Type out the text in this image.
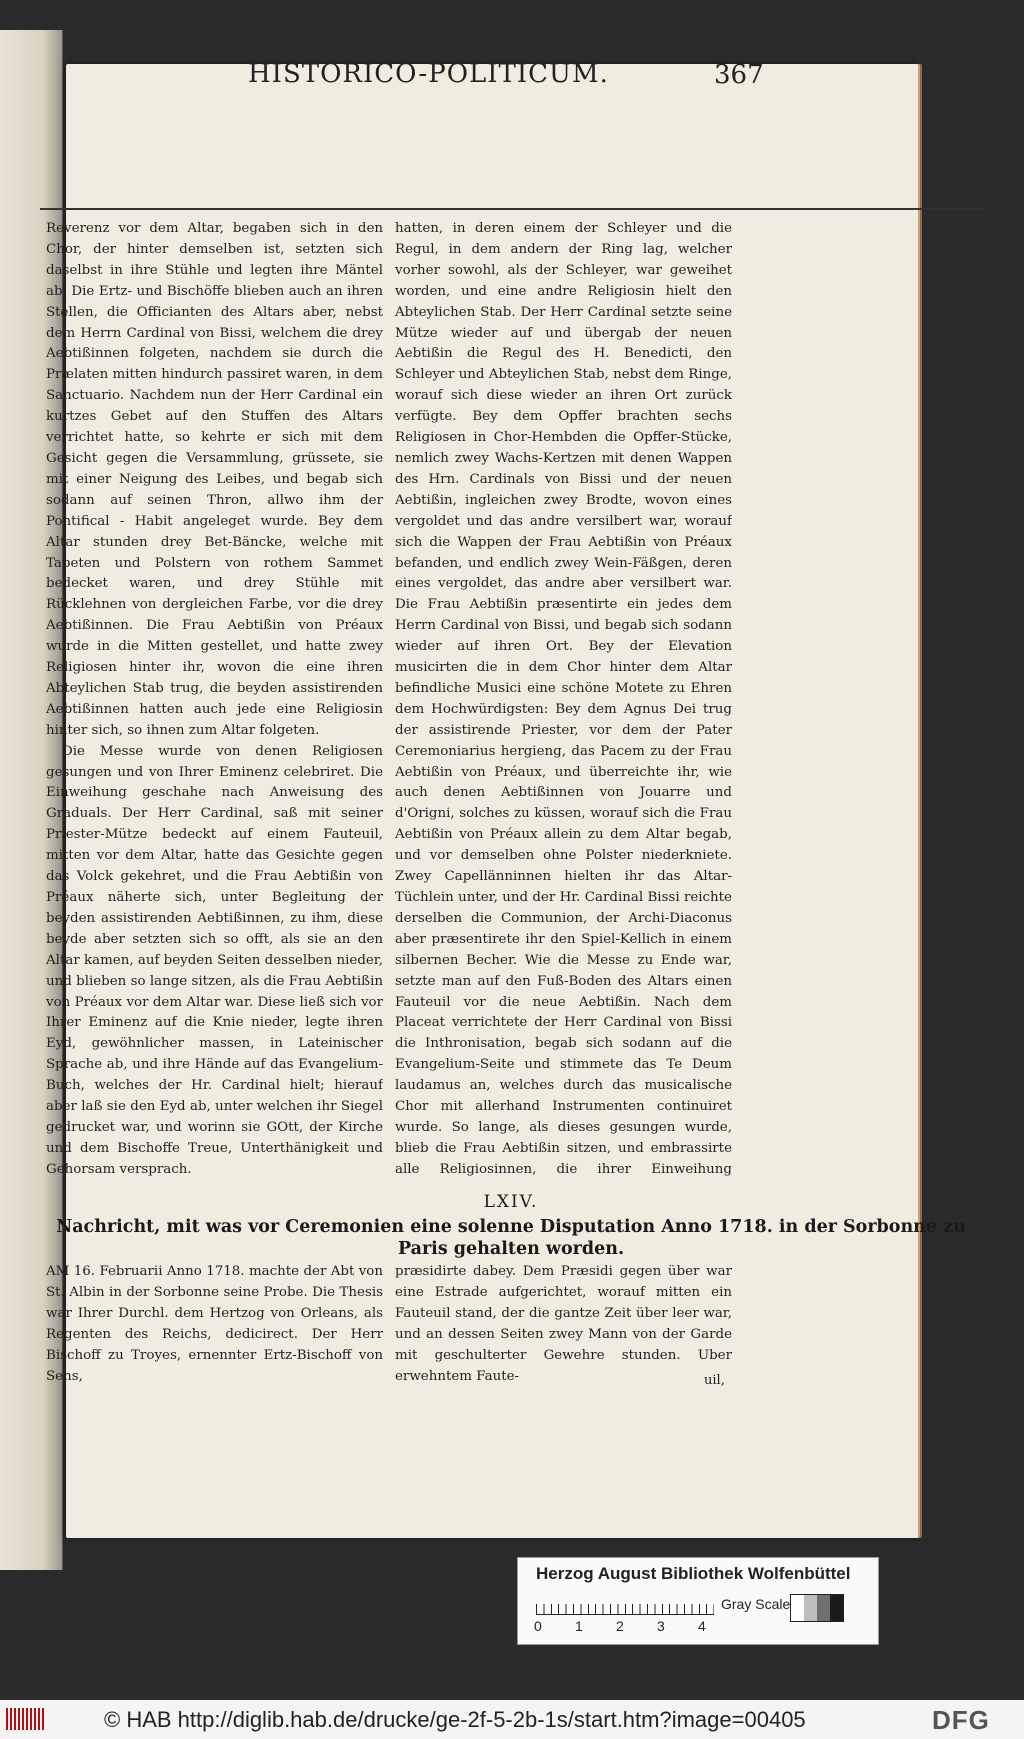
HISTORICO-POLITICUM.	367

Reverenz vor dem Altar, begaben sich in den Chor, der hinter demselben ist, setzten sich daselbst in ihre Stühle und legten ihre Mäntel ab. Die Ertz- und Bischöffe blieben auch an ihren Stellen, die Officianten des Altars aber, nebst dem Herrn Cardinal von Bissi, welchem die drey Aebtißinnen folgeten, nachdem sie durch die Prælaten mitten hindurch passiret waren, in dem Sanctuario. Nachdem nun der Herr Cardinal ein kurtzes Gebet auf den Stuffen des Altars verrichtet hatte, so kehrte er sich mit dem Gesicht gegen die Versammlung, grüssete, sie mit einer Neigung des Leibes, und begab sich sodann auf seinen Thron, allwo ihm der Pontifical - Habit angeleget wurde. Bey dem Altar stunden drey Bet-Bäncke, welche mit Tapeten und Polstern von rothem Sammet bedecket waren, und drey Stühle mit Rücklehnen von dergleichen Farbe, vor die drey Aebtißinnen. Die Frau Aebtißin von Préaux wurde in die Mitten gestellet, und hatte zwey Religiosen hinter ihr, wovon die eine ihren Abteylichen Stab trug, die beyden assistirenden Aebtißinnen hatten auch jede eine Religiosin hinter sich, so ihnen zum Altar folgeten.

Die Messe wurde von denen Religiosen gesungen und von Ihrer Eminenz celebriret. Die Einweihung geschahe nach Anweisung des Graduals. Der Herr Cardinal, saß mit seiner Priester-Mütze bedeckt auf einem Fauteuil, mitten vor dem Altar, hatte das Gesichte gegen das Volck gekehret, und die Frau Aebtißin von Préaux näherte sich, unter Begleitung der beyden assistirenden Aebtißinnen, zu ihm, diese beyde aber setzten sich so offt, als sie an den Altar kamen, auf beyden Seiten desselben nieder, und blieben so lange sitzen, als die Frau Aebtißin von Préaux vor dem Altar war. Diese ließ sich vor Ihrer Eminenz auf die Knie nieder, legte ihren Eyd, gewöhnlicher massen, in Lateinischer Sprache ab, und ihre Hände auf das Evangelium-Buch, welches der Hr. Cardinal hielt; hierauf aber laß sie den Eyd ab, unter welchen ihr Siegel gedrucket war, und worinn sie GOtt, der Kirche und dem Bischoffe Treue, Unterthänigkeit und Gehorsam versprach.

hatten, in deren einem der Schleyer und die Regul, in dem andern der Ring lag, welcher vorher sowohl, als der Schleyer, war geweihet worden, und eine andre Religiosin hielt den Abteylichen Stab. Der Herr Cardinal setzte seine Mütze wieder auf und übergab der neuen Aebtißin die Regul des H. Benedicti, den Schleyer und Abteylichen Stab, nebst dem Ringe, worauf sich diese wieder an ihren Ort zurück verfügte. Bey dem Opffer brachten sechs Religiosen in Chor-Hembden die Opffer-Stücke, nemlich zwey Wachs-Kertzen mit denen Wappen des Hrn. Cardinals von Bissi und der neuen Aebtißin, ingleichen zwey Brodte, wovon eines vergoldet und das andre versilbert war, worauf sich die Wappen der Frau Aebtißin von Préaux befanden, und endlich zwey Wein-Fäßgen, deren eines vergoldet, das andre aber versilbert war. Die Frau Aebtißin præsentirte ein jedes dem Herrn Cardinal von Bissi, und begab sich sodann wieder auf ihren Ort. Bey der Elevation musicirten die in dem Chor hinter dem Altar befindliche Musici eine schöne Motete zu Ehren dem Hochwürdigsten: Bey dem Agnus Dei trug der assistirende Priester, vor dem der Pater Ceremoniarius hergieng, das Pacem zu der Frau Aebtißin von Préaux, und überreichte ihr, wie auch denen Aebtißinnen von Jouarre und d'Origni, solches zu küssen, worauf sich die Frau Aebtißin von Préaux allein zu dem Altar begab, und vor demselben ohne Polster niederkniete. Zwey Capellänninnen hielten ihr das Altar-Tüchlein unter, und der Hr. Cardinal Bissi reichte derselben die Communion, der Archi-Diaconus aber præsentirete ihr den Spiel-Kellich in einem silbernen Becher. Wie die Messe zu Ende war, setzte man auf den Fuß-Boden des Altars einen Fauteuil vor die neue Aebtißin. Nach dem Placeat verrichtete der Herr Cardinal von Bissi die Inthronisation, begab sich sodann auf die Evangelium-Seite und stimmete das Te Deum laudamus an, welches durch das musicalische Chor mit allerhand Instrumenten continuiret wurde. So lange, als dieses gesungen wurde, blieb die Frau Aebtißin sitzen, und embrassirte alle Religiosinnen, die ihrer Einweihung

LXIV.
Nachricht, mit was vor Ceremonien eine solenne Disputation Anno 1718. in der Sorbonne zu Paris gehalten worden.

AM 16. Februarii Anno 1718. machte der Abt von St. Albin in der Sorbonne seine Probe. Die Thesis war Ihrer Durchl. dem Hertzog von Orleans, als Regenten des Reichs, dedicirect. Der Herr Bischoff zu Troyes, ernennter Ertz-Bischoff von Sens,

præsidirte dabey. Dem Præsidi gegen über war eine Estrade aufgerichtet, worauf mitten ein Fauteuil stand, der die gantze Zeit über leer war, und an dessen Seiten zwey Mann von der Garde mit geschulterter Gewehre stunden. Uber erwehntem Faute-	uil,
Herzog August Bibliothek Wolfenbüttel
0 1 2 3 4
Gray Scale
© HAB http://diglib.hab.de/drucke/ge-2f-5-2b-1s/start.htm?image=00405	DFG
